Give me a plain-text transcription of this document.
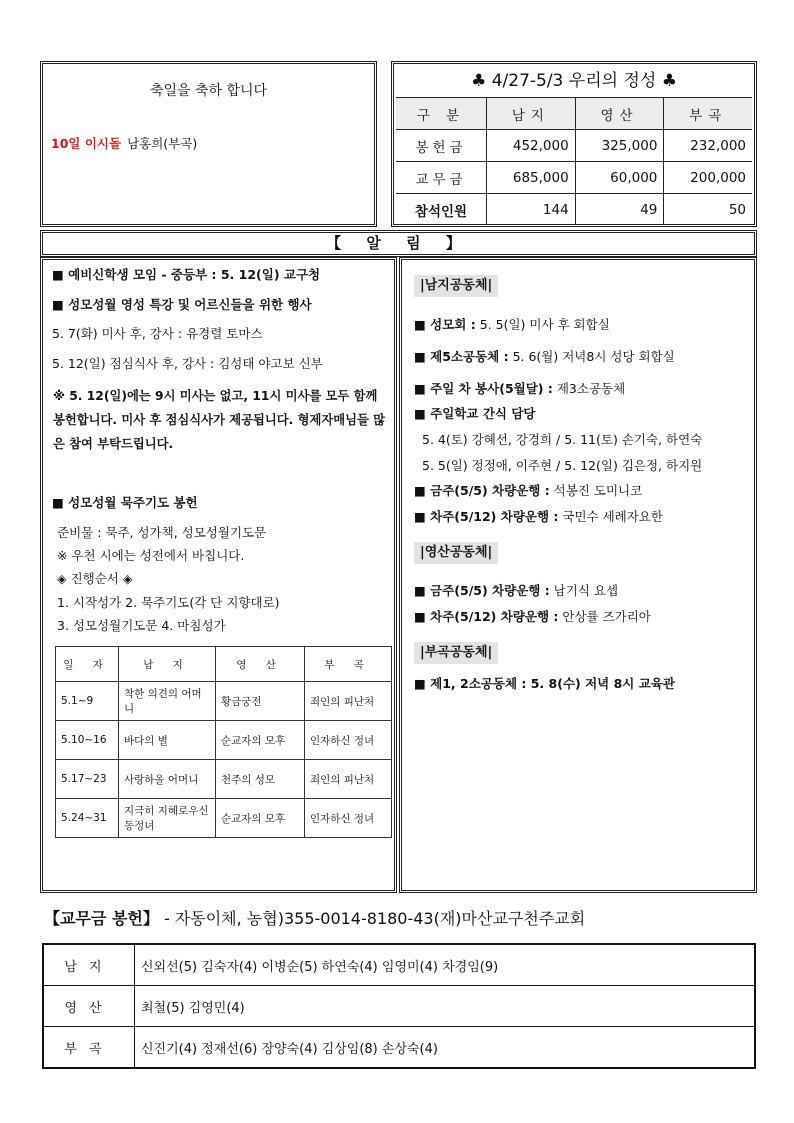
축일을 축하 합니다
10일 이시돌 남홍희(부곡)
♣ 4/27-5/3 우리의 정성 ♣
구 분	남지	영산	부곡
봉헌금	452,000	325,000	232,000
교무금	685,000	60,000	200,000
참석인원	144	49	50
【 알 림 】
■ 예비신학생 모임 - 중등부 : 5. 12(일) 교구청
■ 성모성월 영성 특강 및 어르신들을 위한 행사
5. 7(화) 미사 후, 강사 : 유경렬 토마스
5. 12(일) 점심식사 후, 강사 : 김성태 야고보 신부
※ 5. 12(일)에는 9시 미사는 없고, 11시 미사를 모두 함께 봉헌합니다. 미사 후 점심식사가 제공됩니다. 형제자매님들 많은 참여 부탁드립니다.
■ 성모성월 묵주기도 봉헌
준비물 : 묵주, 성가책, 성모성월기도문
※ 우천 시에는 성전에서 바칩니다.
◈ 진행순서 ◈
1. 시작성가 2. 묵주기도(각 단 지향대로)
3. 성모성월기도문 4. 마침성가
일 자	남 지	영 산	부 곡
5.1~9	착한 의견의 어머니	황금궁전	죄인의 피난처
5.10~16	바다의 별	순교자의 모후	인자하신 정녀
5.17~23	사랑하올 어머니	천주의 성모	죄인의 피난처
5.24~31	지극히 지혜로우신 동정녀	순교자의 모후	인자하신 정녀
|남지공동체|
■ 성모회 : 5. 5(일) 미사 후 회합실
■ 제5소공동체 : 5. 6(월) 저녁8시 성당 회합실
■ 주일 차 봉사(5월달) : 제3소공동체
■ 주일학교 간식 담당
5. 4(토) 강혜선, 강경희 / 5. 11(토) 손기숙, 하연숙
5. 5(일) 정정애, 이주현 / 5. 12(일) 김은정, 하지원
■ 금주(5/5) 차량운행 : 석봉진 도미니코
■ 차주(5/12) 차량운행 : 국민수 세례자요한
|영산공동체|
■ 금주(5/5) 차량운행 : 남기식 요셉
■ 차주(5/12) 차량운행 : 안상률 즈가리아
|부곡공동체|
■ 제1, 2소공동체 : 5. 8(수) 저녁 8시 교육관
【교무금 봉헌】 - 자동이체, 농협)355-0014-8180-43(재)마산교구천주교회
남지	신외선(5) 김숙자(4) 이병순(5) 하연숙(4) 임영미(4) 차경임(9)
영산	최철(5) 김영민(4)
부곡	신진기(4) 정재선(6) 장양숙(4) 김상임(8) 손상숙(4)
